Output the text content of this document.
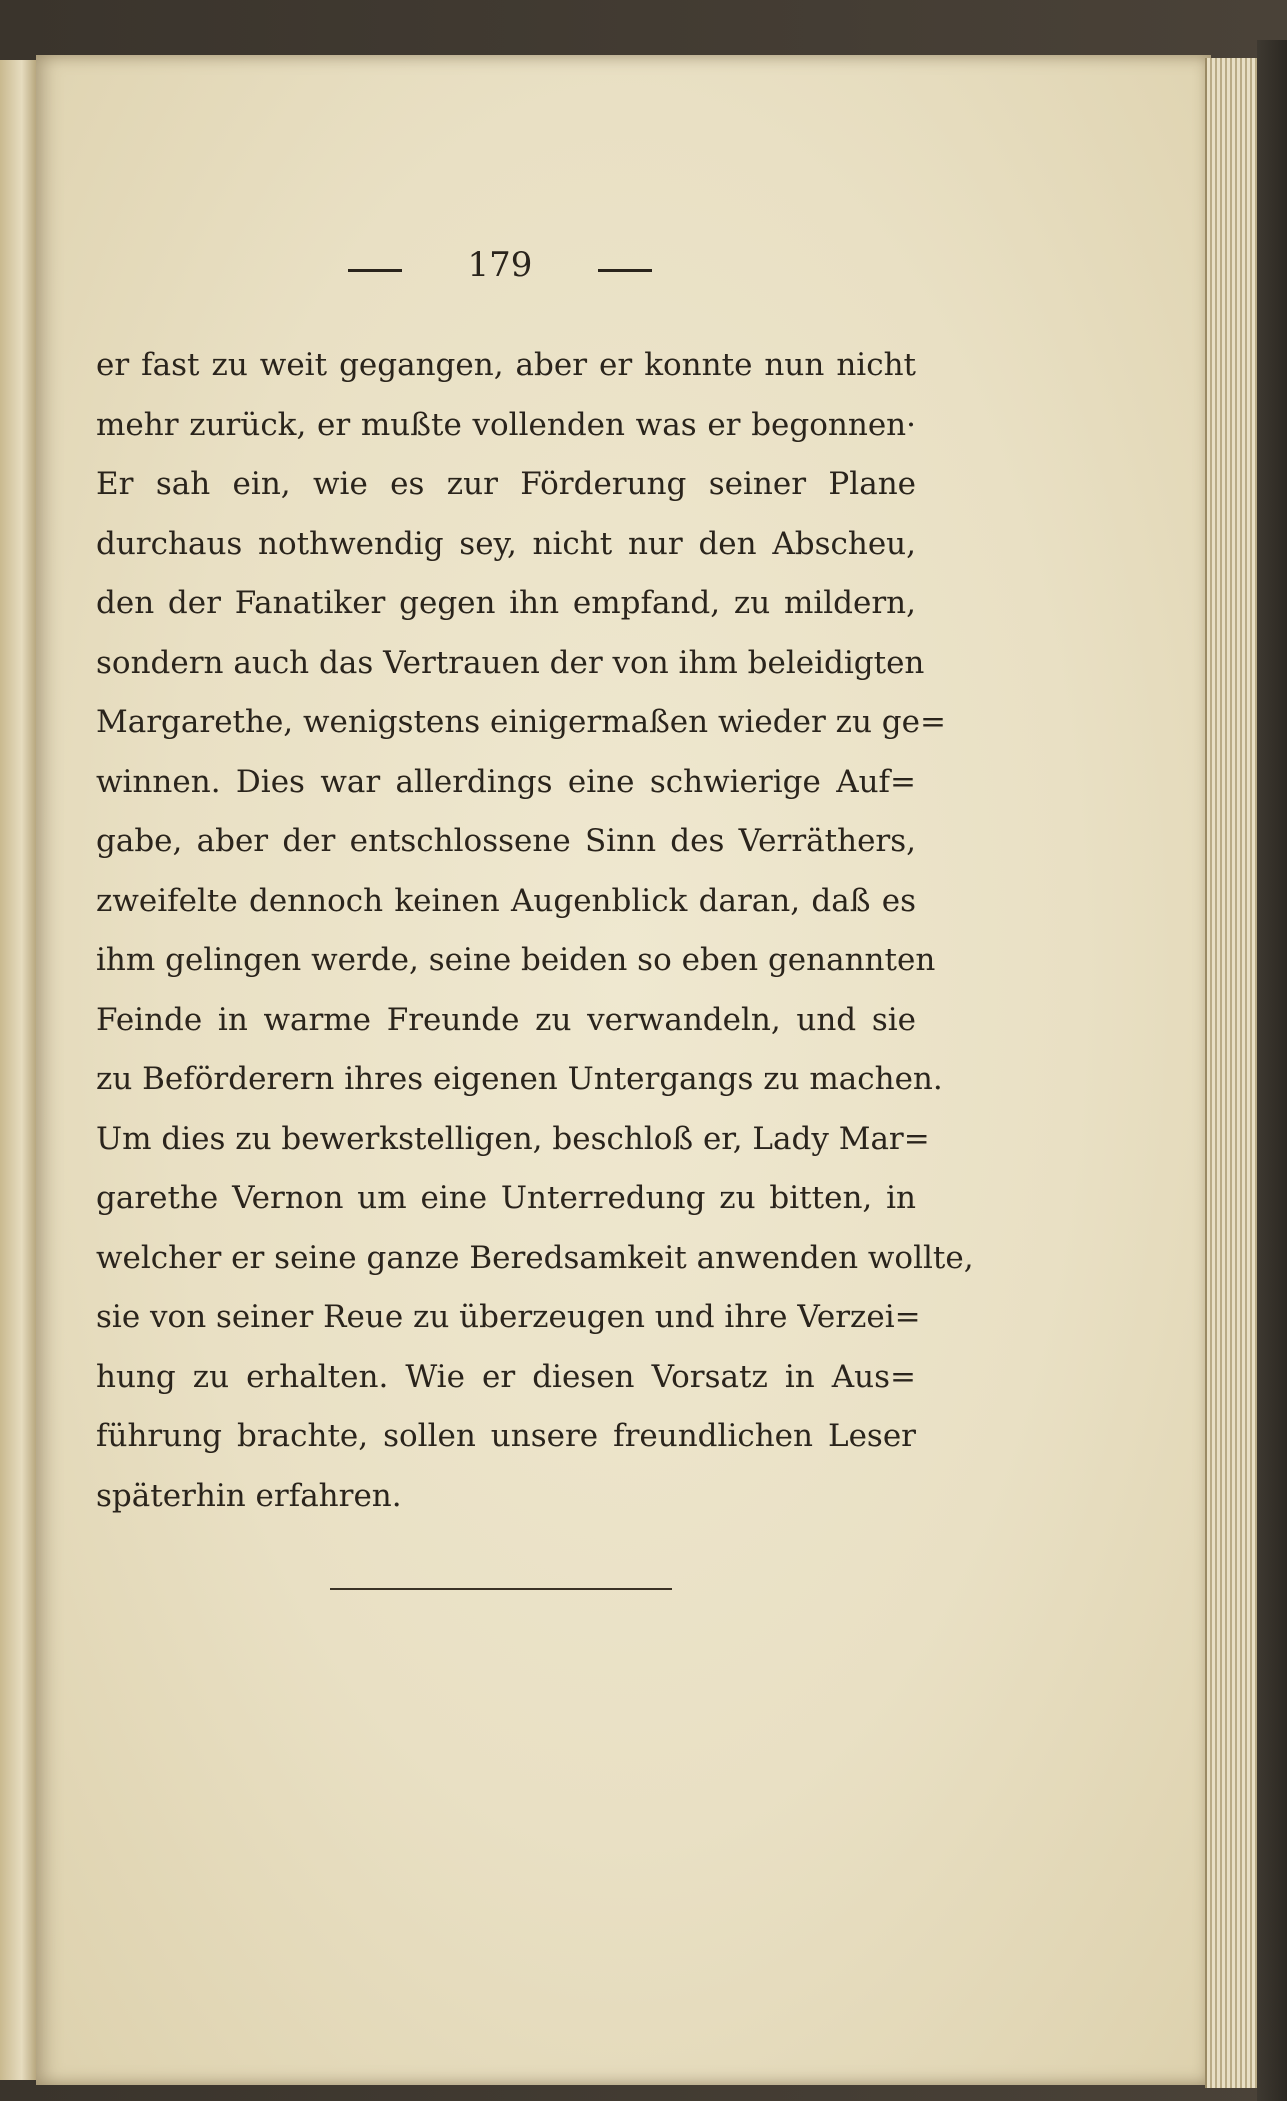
179
er fast zu weit gegangen, aber er konnte nun nicht
mehr zurück, er mußte vollenden was er begonnen·
Er sah ein, wie es zur Förderung seiner Plane
durchaus nothwendig sey, nicht nur den Abscheu,
den der Fanatiker gegen ihn empfand, zu mildern,
sondern auch das Vertrauen der von ihm beleidigten
Margarethe, wenigstens einigermaßen wieder zu ge=
winnen. Dies war allerdings eine schwierige Auf=
gabe, aber der entschlossene Sinn des Verräthers,
zweifelte dennoch keinen Augenblick daran, daß es
ihm gelingen werde, seine beiden so eben genannten
Feinde in warme Freunde zu verwandeln, und sie
zu Beförderern ihres eigenen Untergangs zu machen.
Um dies zu bewerkstelligen, beschloß er, Lady Mar=
garethe Vernon um eine Unterredung zu bitten, in
welcher er seine ganze Beredsamkeit anwenden wollte,
sie von seiner Reue zu überzeugen und ihre Verzei=
hung zu erhalten. Wie er diesen Vorsatz in Aus=
führung brachte, sollen unsere freundlichen Leser
späterhin erfahren.
